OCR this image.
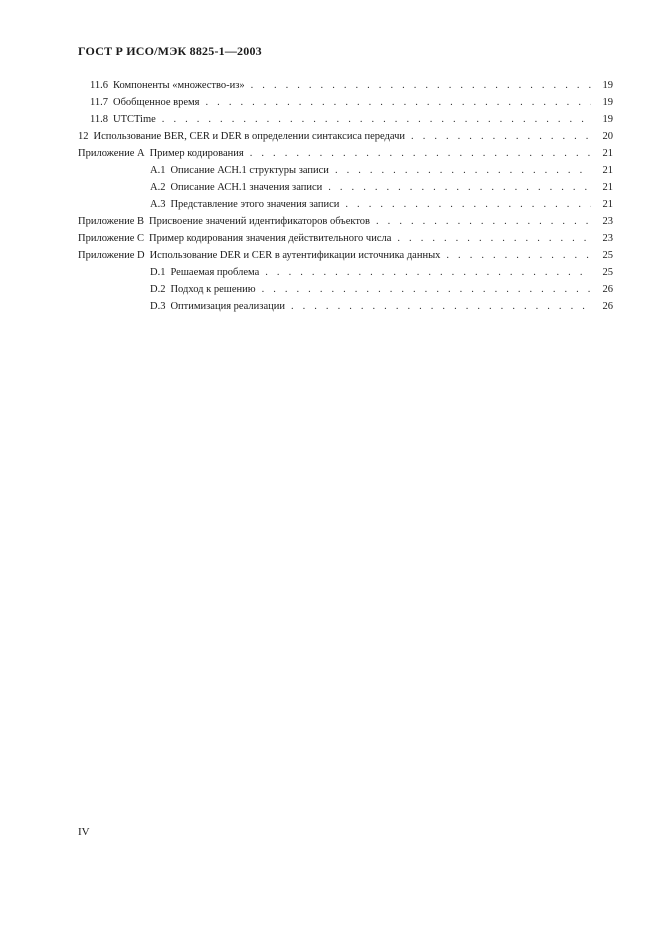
ГОСТ Р ИСО/МЭК 8825-1—2003
11.6 Компоненты «множество-из» . . .	19
11.7 Обобщенное время . . .	19
11.8 UTCTime . . .	19
12 Использование BER, CER и DER в определении синтаксиса передачи . . .	20
Приложение А Пример кодирования . . .	21
А.1 Описание АСН.1 структуры записи . . .	21
А.2 Описание АСН.1 значения записи . . .	21
А.3 Представление этого значения записи . . .	21
Приложение В Присвоение значений идентификаторов объектов . . .	23
Приложение С Пример кодирования значения действительного числа . . .	23
Приложение D Использование DER и CER в аутентификации источника данных . . .	25
D.1 Решаемая проблема . . .	25
D.2 Подход к решению . . .	26
D.3 Оптимизация реализации . . .	26
IV
